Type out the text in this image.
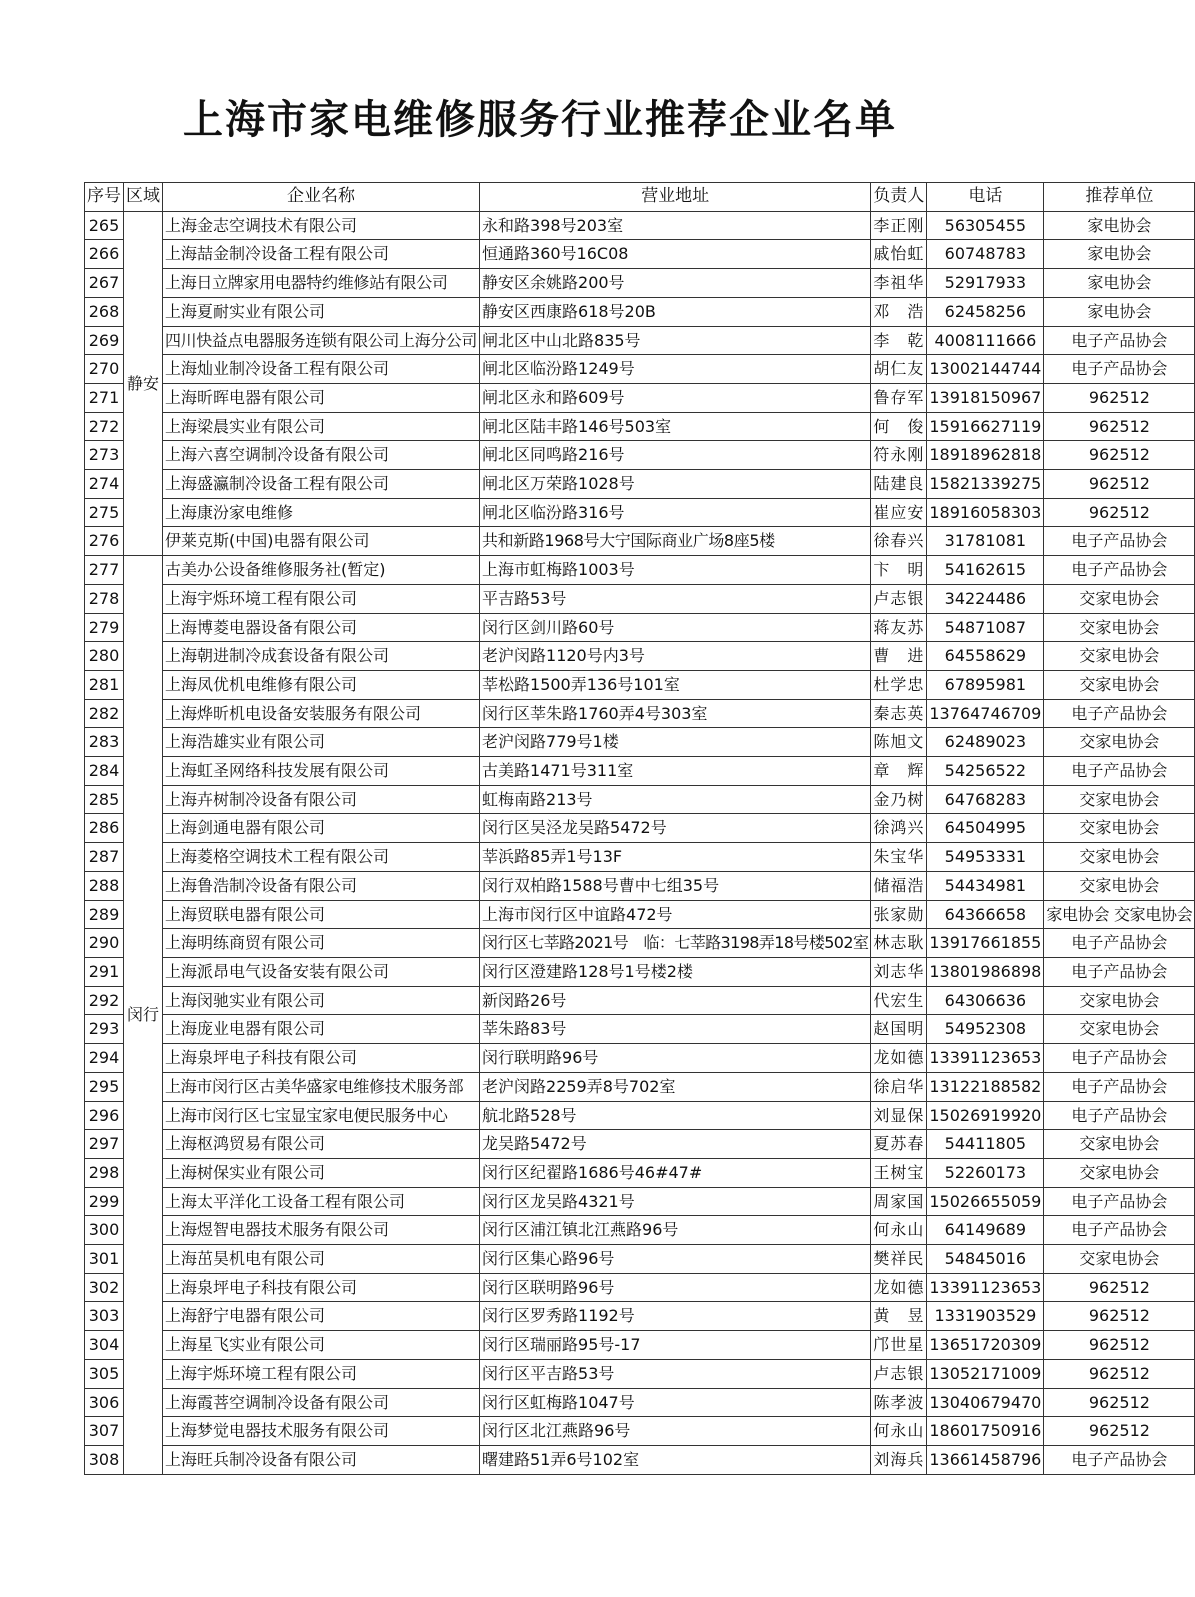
上海市家电维修服务行业推荐企业名单
序号	区域	企业名称	营业地址	负责人	电话	推荐单位
265	静安	上海金志空调技术有限公司	永和路398号203室	李正刚	56305455	家电协会
266		上海喆金制冷设备工程有限公司	恒通路360号16C08	戚怡虹	60748783	家电协会
267		上海日立牌家用电器特约维修站有限公司	静安区余姚路200号	李祖华	52917933	家电协会
268		上海夏耐实业有限公司	静安区西康路618号20B	邓　浩	62458256	家电协会
269		四川快益点电器服务连锁有限公司上海分公司	闸北区中山北路835号	李　乾	4008111666	电子产品协会
270		上海灿业制冷设备工程有限公司	闸北区临汾路1249号	胡仁友	13002144744	电子产品协会
271		上海昕晖电器有限公司	闸北区永和路609号	鲁存军	13918150967	962512
272		上海梁晨实业有限公司	闸北区陆丰路146号503室	何　俊	15916627119	962512
273		上海六喜空调制冷设备有限公司	闸北区同鸣路216号	符永刚	18918962818	962512
274		上海盛瀛制冷设备工程有限公司	闸北区万荣路1028号	陆建良	15821339275	962512
275		上海康汾家电维修	闸北区临汾路316号	崔应安	18916058303	962512
276		伊莱克斯(中国)电器有限公司	共和新路1968号大宁国际商业广场8座5楼	徐春兴	31781081	电子产品协会
277	闵行	古美办公设备维修服务社(暂定)	上海市虹梅路1003号	卞　明	54162615	电子产品协会
278		上海宇烁环境工程有限公司	平吉路53号	卢志银	34224486	交家电协会
279		上海博菱电器设备有限公司	闵行区剑川路60号	蒋友苏	54871087	交家电协会
280		上海朝进制冷成套设备有限公司	老沪闵路1120号内3号	曹　进	64558629	交家电协会
281		上海凤优机电维修有限公司	莘松路1500弄136号101室	杜学忠	67895981	交家电协会
282		上海烨昕机电设备安装服务有限公司	闵行区莘朱路1760弄4号303室	秦志英	13764746709	电子产品协会
283		上海浩雄实业有限公司	老沪闵路779号1楼	陈旭文	62489023	交家电协会
284		上海虹圣网络科技发展有限公司	古美路1471号311室	章　辉	54256522	电子产品协会
285		上海卉树制冷设备有限公司	虹梅南路213号	金乃树	64768283	交家电协会
286		上海剑通电器有限公司	闵行区吴泾龙吴路5472号	徐鸿兴	64504995	交家电协会
287		上海菱格空调技术工程有限公司	莘浜路85弄1号13F	朱宝华	54953331	交家电协会
288		上海鲁浩制冷设备有限公司	闵行双柏路1588号曹中七组35号	储福浩	54434981	交家电协会
289		上海贸联电器有限公司	上海市闵行区中谊路472号	张家勋	64366658	家电协会 交家电协会
290		上海明练商贸有限公司	闵行区七莘路2021号　临：七莘路3198弄18号楼502室	林志耿	13917661855	电子产品协会
291		上海派昂电气设备安装有限公司	闵行区澄建路128号1号楼2楼	刘志华	13801986898	电子产品协会
292		上海闵驰实业有限公司	新闵路26号	代宏生	64306636	交家电协会
293		上海庞业电器有限公司	莘朱路83号	赵国明	54952308	交家电协会
294		上海泉坪电子科技有限公司	闵行联明路96号	龙如德	13391123653	电子产品协会
295		上海市闵行区古美华盛家电维修技术服务部	老沪闵路2259弄8号702室	徐启华	13122188582	电子产品协会
296		上海市闵行区七宝显宝家电便民服务中心	航北路528号	刘显保	15026919920	电子产品协会
297		上海枢鸿贸易有限公司	龙吴路5472号	夏苏春	54411805	交家电协会
298		上海树保实业有限公司	闵行区纪翟路1686号46#47#	王树宝	52260173	交家电协会
299		上海太平洋化工设备工程有限公司	闵行区龙吴路4321号	周家国	15026655059	电子产品协会
300		上海煜智电器技术服务有限公司	闵行区浦江镇北江燕路96号	何永山	64149689	电子产品协会
301		上海茁昊机电有限公司	闵行区集心路96号	樊祥民	54845016	交家电协会
302		上海泉坪电子科技有限公司	闵行区联明路96号	龙如德	13391123653	962512
303		上海舒宁电器有限公司	闵行区罗秀路1192号	黄　昱	1331903529	962512
304		上海星飞实业有限公司	闵行区瑞丽路95号-17	邝世星	13651720309	962512
305		上海宇烁环境工程有限公司	闵行区平吉路53号	卢志银	13052171009	962512
306		上海霞菩空调制冷设备有限公司	闵行区虹梅路1047号	陈孝波	13040679470	962512
307		上海梦觉电器技术服务有限公司	闵行区北江燕路96号	何永山	18601750916	962512
308		上海旺兵制冷设备有限公司	曙建路51弄6号102室	刘海兵	13661458796	电子产品协会
